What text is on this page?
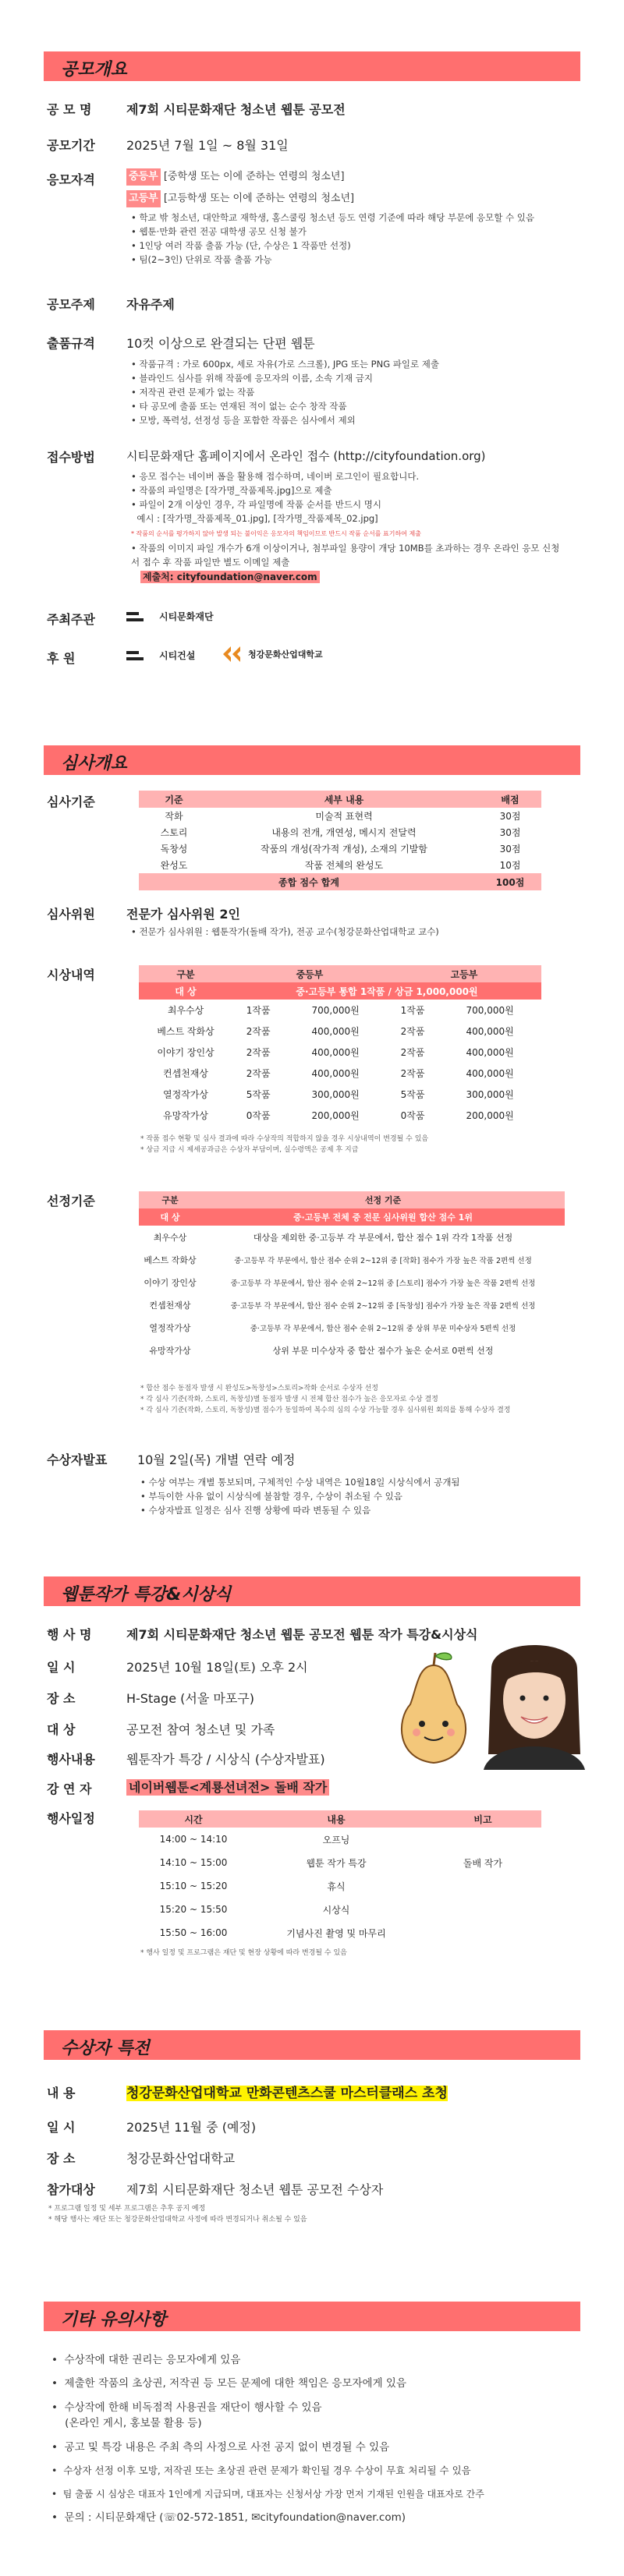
공모개요
공 모 명	제7회 시티문화재단 청소년 웹툰 공모전
공모기간	2025년 7월 1일 ~ 8월 31일
응모자격	중등부 [중학생 또는 이에 준하는 연령의 청소년]
고등부 [고등학생 또는 이에 준하는 연령의 청소년]
• 학교 밖 청소년, 대안학교 재학생, 홈스쿨링 청소년 등도 연령 기준에 따라 해당 부문에 응모할 수 있음
• 웹툰·만화 관련 전공 대학생 공모 신청 불가
• 1인당 여러 작품 출품 가능 (단, 수상은 1 작품만 선정)
• 팀(2~3인) 단위로 작품 출품 가능
공모주제	자유주제
출품규격	10컷 이상으로 완결되는 단편 웹툰
• 작품규격 : 가로 600px, 세로 자유(가로 스크롤), JPG 또는 PNG 파일로 제출
• 블라인드 심사를 위해 작품에 응모자의 이름, 소속 기재 금지
• 저작권 관련 문제가 없는 작품
• 타 공모에 출품 또는 연재된 적이 없는 순수 창작 작품
• 모방, 폭력성, 선정성 등을 포함한 작품은 심사에서 제외
접수방법	시티문화재단 홈페이지에서 온라인 접수 (http://cityfoundation.org)
• 응모 접수는 네이버 폼을 활용해 접수하며, 네이버 로그인이 필요합니다.
• 작품의 파일명은 [작가명_작품제목.jpg]으로 제출
• 파일이 2개 이상인 경우, 각 파일명에 작품 순서를 반드시 명시
예시 : [작가명_작품제목_01.jpg], [작가명_작품제목_02.jpg]
* 작품의 순서를 평가하지 않아 발생 되는 불이익은 응모자의 책임이므로 반드시 작품 순서를 표기하여 제출
• 작품의 이미지 파일 개수가 6개 이상이거나, 첨부파일 용량이 개당 10MB를 초과하는 경우 온라인 응모 신청서 접수 후 작품 파일만 별도 이메일 제출
제출처: cityfoundation@naver.com
주최주관	시티문화재단
후 원	시티건설	청강문화산업대학교
심사개요
심사기준	기준	세부 내용	배점
작화	미술적 표현력	30점
스토리	내용의 전개, 개연성, 메시지 전달력	30점
독창성	작품의 개성(작가적 개성), 소재의 기발함	30점
완성도	작품 전체의 완성도	10점
종합 점수 합계		100점
심사위원	전문가 심사위원 2인
• 전문가 심사위원 : 웹툰작가(돌배 작가), 전공 교수(청강문화산업대학교 교수)
시상내역	구분	중등부		고등부	
대 상	중·고등부 통합 1작품 / 상금 1,000,000원			
최우수상	1작품	700,000원	1작품	700,000원
베스트 작화상	2작품	400,000원	2작품	400,000원
이야기 장인상	2작품	400,000원	2작품	400,000원
컨셉천재상	2작품	400,000원	2작품	400,000원
열정작가상	5작품	300,000원	5작품	300,000원
유망작가상	0작품	200,000원	0작품	200,000원
* 작품 접수 현황 및 심사 결과에 따라 수상작의 적합하지 않을 경우 시상내역이 변경될 수 있음
* 상금 지급 시 제세공과금은 수상자 부담이며, 실수령액은 공제 후 지급
선정기준	구분	선정 기준
대 상	중·고등부 전체 중 전문 심사위원 합산 점수 1위
최우수상	대상을 제외한 중·고등부 각 부문에서, 합산 점수 1위 각각 1작품 선정
베스트 작화상	중·고등부 각 부문에서, 합산 점수 순위 2~12위 중 [작화] 점수가 가장 높은 작품 2편씩 선정
이야기 장인상	중·고등부 각 부문에서, 합산 점수 순위 2~12위 중 [스토리] 점수가 가장 높은 작품 2편씩 선정
컨셉천재상	중·고등부 각 부문에서, 합산 점수 순위 2~12위 중 [독창성] 점수가 가장 높은 작품 2편씩 선정
열정작가상	중·고등부 각 부문에서, 합산 점수 순위 2~12위 중 상위 부문 미수상자 5편씩 선정
유망작가상	상위 부문 미수상자 중 합산 점수가 높은 순서로 0편씩 선정
* 합산 점수 동점자 발생 시 완성도>독창성>스토리>작화 순서로 수상자 선정
* 각 심사 기준(작화, 스토리, 독창성)별 동점자 발생 시 전체 합산 점수가 높은 응모자로 수상 결정
* 각 심사 기준(작화, 스토리, 독창성)별 점수가 동일하여 복수의 심의 수상 가능할 경우 심사위원 회의를 통해 수상자 결정
수상자발표 10월 2일(목) 개별 연락 예정
• 수상 여부는 개별 통보되며, 구체적인 수상 내역은 10월18일 시상식에서 공개됨
• 부득이한 사유 없이 시상식에 불참할 경우, 수상이 취소될 수 있음
• 수상자발표 일정은 심사 진행 상황에 따라 변동될 수 있음
웹툰작가 특강&시상식
행 사 명	제7회 시티문화재단 청소년 웹툰 공모전 웹툰 작가 특강&시상식
일 시	2025년 10월 18일(토) 오후 2시
장 소	H-Stage (서울 마포구)
대 상	공모전 참여 청소년 및 가족
행사내용	웹툰작가 특강 / 시상식 (수상자발표)
강 연 자	네이버웹툰<계룡선녀전> 돌배 작가
행사일정	시간	내용	비고
14:00 ~ 14:10	오프닝	
14:10 ~ 15:00	웹툰 작가 특강	돌배 작가
15:10 ~ 15:20	휴식	
15:20 ~ 15:50	시상식	
15:50 ~ 16:00	기념사진 촬영 및 마무리	
* 행사 일정 및 프로그램은 재단 및 현장 상황에 따라 변경될 수 있음
수상자 특전
내 용	청강문화산업대학교 만화콘텐츠스쿨 마스터클래스 초청
일 시	2025년 11월 중 (예정)
장 소	청강문화산업대학교
참가대상	제7회 시티문화재단 청소년 웹툰 공모전 수상자
* 프로그램 일정 및 세부 프로그램은 추후 공지 예정
* 해당 행사는 재단 또는 청강문화산업대학교 사정에 따라 변경되거나 취소될 수 있음
기타 유의사항
•  수상작에 대한 권리는 응모자에게 있음
•  제출한 작품의 초상권, 저작권 등 모든 문제에 대한 책임은 응모자에게 있음
•  수상작에 한해 비독점적 사용권을 재단이 행사할 수 있음
(온라인 게시, 홍보물 활용 등)
•  공고 및 특강 내용은 주최 측의 사정으로 사전 공지 없이 변경될 수 있음
•  수상자 선정 이후 모방, 저작권 또는 초상권 관련 문제가 확인될 경우 수상이 무효 처리될 수 있음
•  팀 출품 시 심상은 대표자 1인에게 지급되며, 대표자는 신청서상 가장 먼저 기재된 인원을 대표자로 간주
•  문의 : 시티문화재단 (☏02-572-1851, ✉cityfoundation@naver.com)
